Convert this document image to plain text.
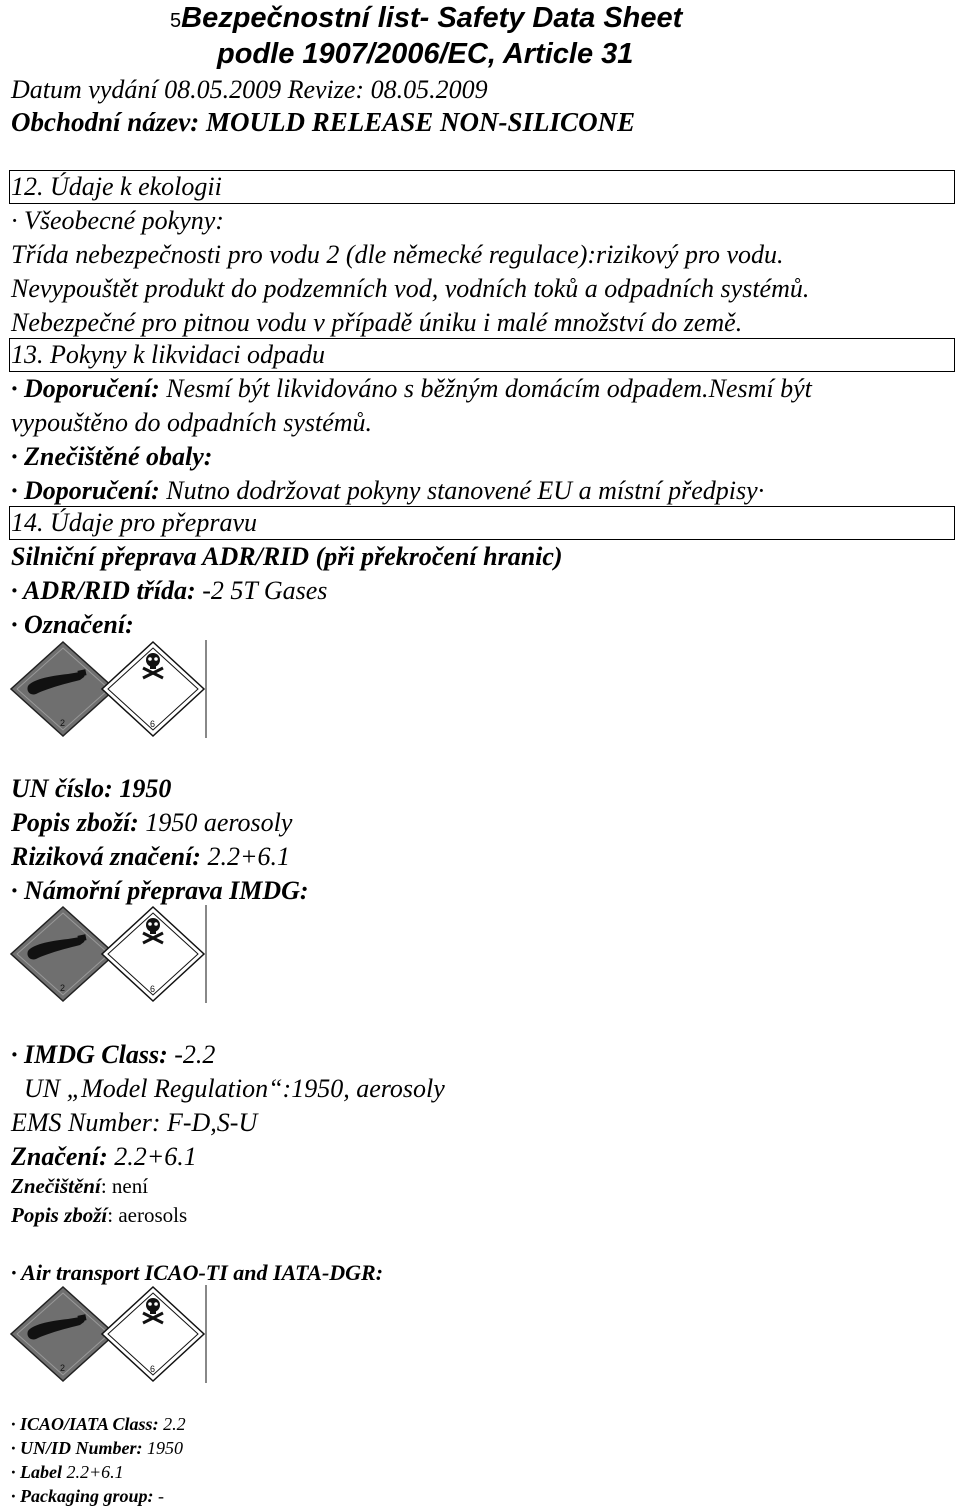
5Bezpečnostní list- Safety Data Sheet
podle 1907/2006/EC, Article 31
Datum vydání 08.05.2009 Revize: 08.05.2009
Obchodní název: MOULD RELEASE NON-SILICONE
12. Údaje k ekologii
· Všeobecné pokyny:
Třída nebezpečnosti pro vodu 2 (dle německé regulace):rizikový pro vodu.
Nevypouštět produkt do podzemních vod, vodních toků a odpadních systémů.
Nebezpečné pro pitnou vodu v případě úniku i malé množství do země.
13. Pokyny k likvidaci odpadu
· Doporučení: Nesmí být likvidováno s běžným domácím odpadem.Nesmí být
vypouštěno do odpadních systémů.
· Znečištěné obaly:
· Doporučení: Nutno dodržovat pokyny stanovené EU a místní předpisy·
14. Údaje pro přepravu
Silniční přeprava ADR/RID (při překročení hranic)
· ADR/RID třída: -2 5T Gases
· Označení:
UN číslo: 1950
Popis zboží: 1950 aerosoly
Riziková značení: 2.2+6.1
· Námořní přeprava IMDG:
· IMDG Class: -2.2
UN „Model Regulation“:1950, aerosoly
EMS Number: F-D,S-U
Značení: 2.2+6.1
Znečištění: není
Popis zboží: aerosols
· Air transport ICAO-TI and IATA-DGR:
· ICAO/IATA Class: 2.2
· UN/ID Number: 1950
· Label 2.2+6.1
· Packaging group: -
